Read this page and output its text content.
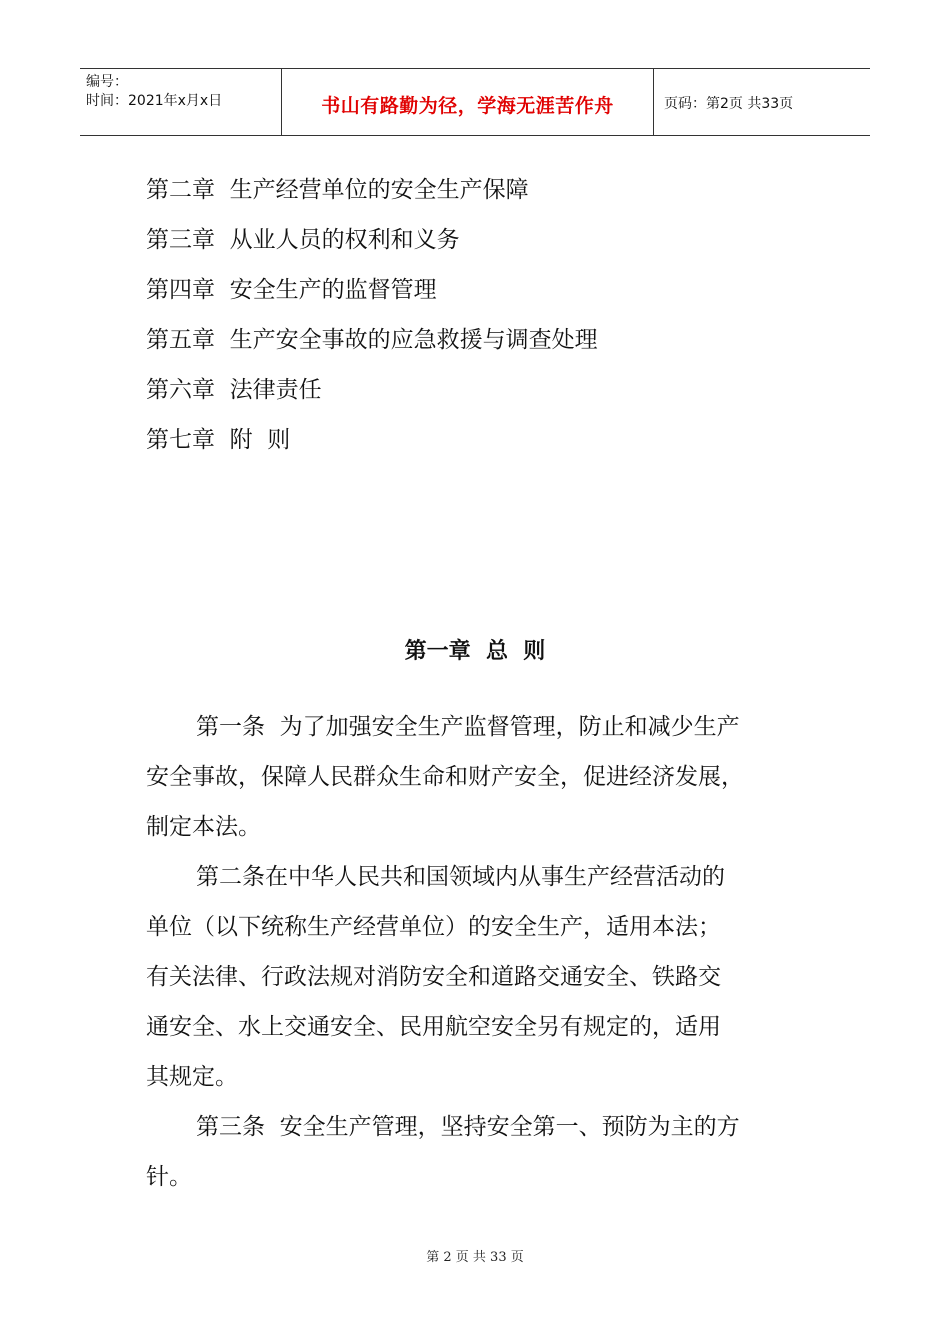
编号：
时间：2021年x月x日	书山有路勤为径，学海无涯苦作舟	页码：第2页 共33页
第二章  生产经营单位的安全生产保障
第三章  从业人员的权利和义务
第四章  安全生产的监督管理
第五章  生产安全事故的应急救援与调查处理
第六章  法律责任
第七章  附  则
第一章  总  则
第一条  为了加强安全生产监督管理，防止和减少生产
安全事故，保障人民群众生命和财产安全，促进经济发展，
制定本法。
第二条在中华人民共和国领域内从事生产经营活动的
单位（以下统称生产经营单位）的安全生产，适用本法；
有关法律、行政法规对消防安全和道路交通安全、铁路交
通安全、水上交通安全、民用航空安全另有规定的，适用
其规定。
第三条  安全生产管理，坚持安全第一、预防为主的方
针。
第 2 页 共 33 页
